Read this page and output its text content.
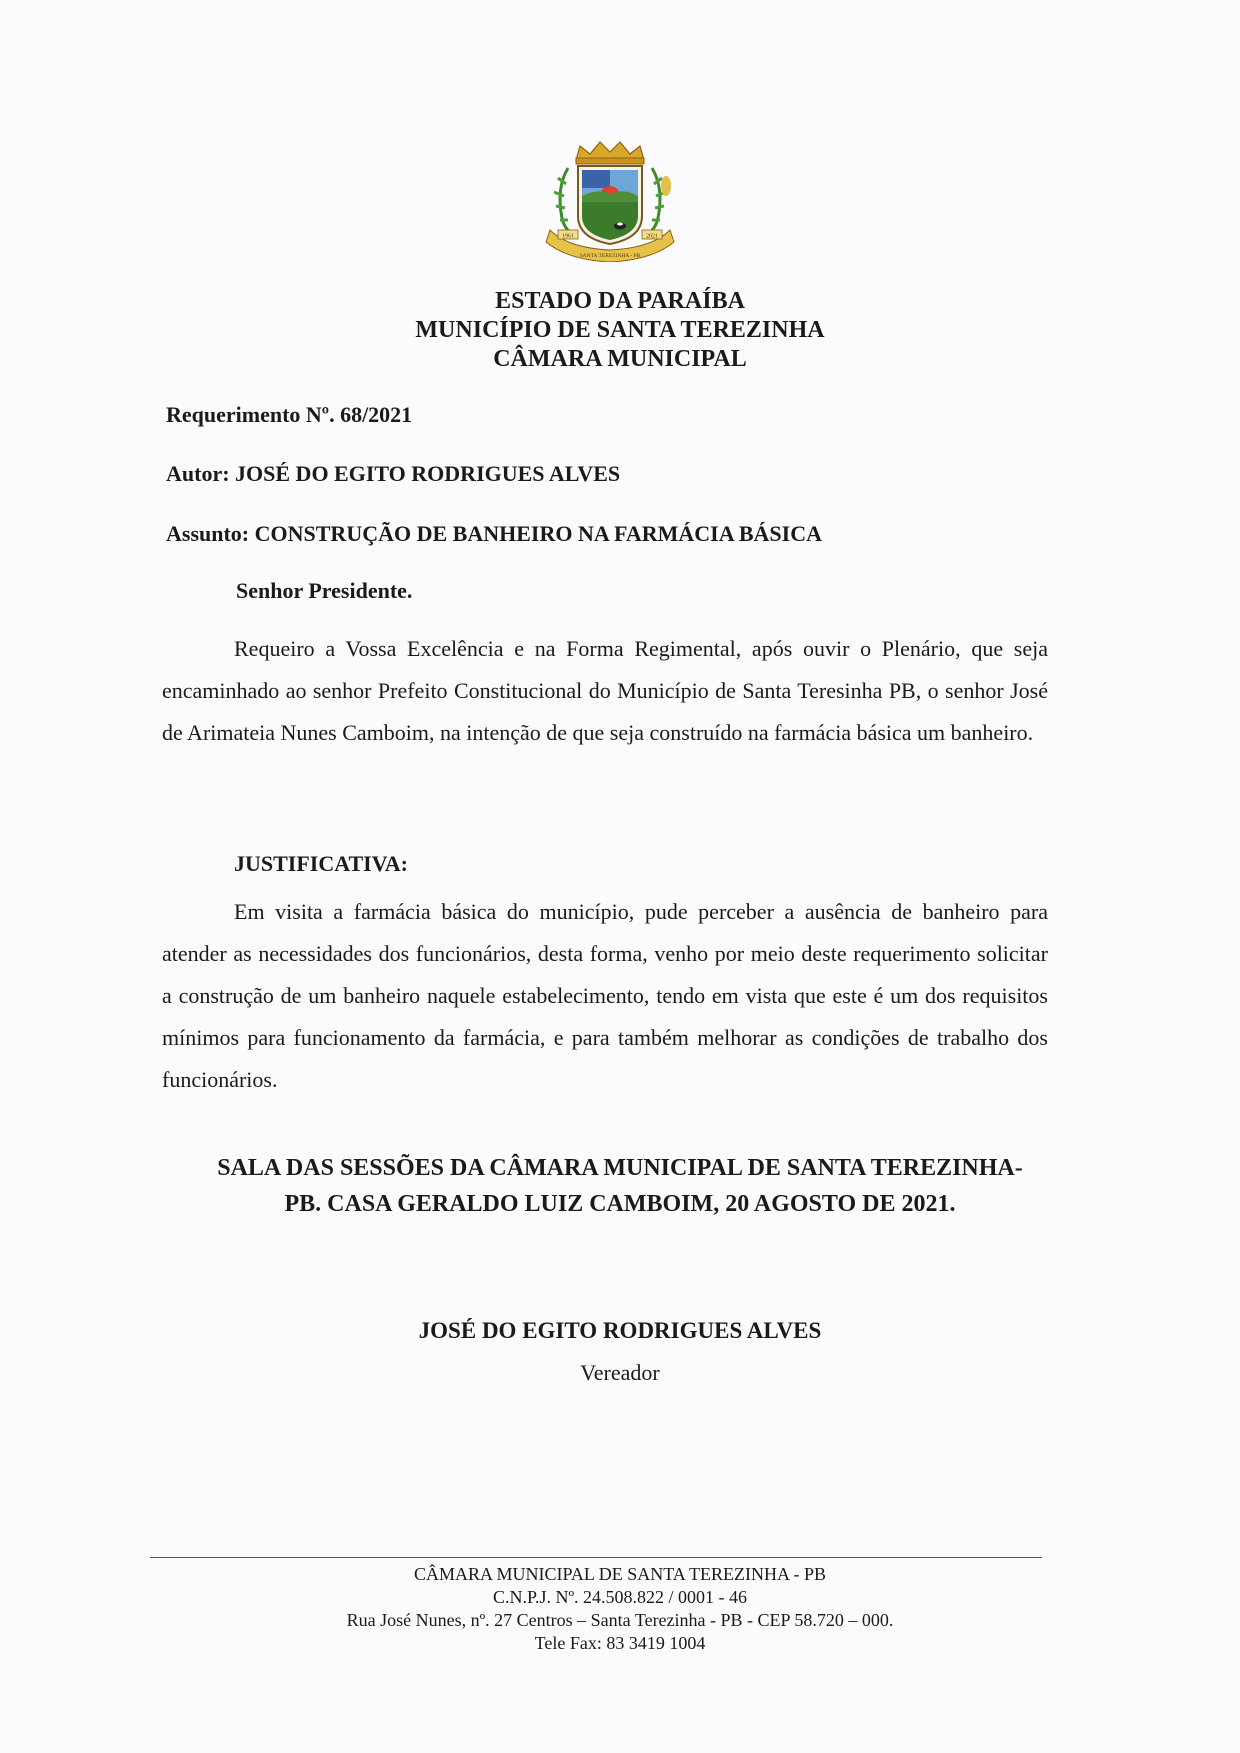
1961	2021
SANTA TEREZINHA - PB
ESTADO DA PARAÍBA
MUNICÍPIO DE SANTA TEREZINHA
CÂMARA MUNICIPAL
Requerimento Nº. 68/2021
Autor: JOSÉ DO EGITO RODRIGUES ALVES
Assunto: CONSTRUÇÃO DE BANHEIRO NA FARMÁCIA BÁSICA
Senhor Presidente.
Requeiro a Vossa Excelência e na Forma Regimental, após ouvir o Plenário, que seja encaminhado ao senhor Prefeito Constitucional do Município de Santa Teresinha PB, o senhor José de Arimateia Nunes Camboim, na intenção de que seja construído na farmácia básica um banheiro.
JUSTIFICATIVA:
Em visita a farmácia básica do município, pude perceber a ausência de banheiro para atender as necessidades dos funcionários, desta forma, venho por meio deste requerimento solicitar a construção de um banheiro naquele estabelecimento, tendo em vista que este é um dos requisitos mínimos para funcionamento da farmácia, e para também melhorar as condições de trabalho dos funcionários.
SALA DAS SESSÕES DA CÂMARA MUNICIPAL DE SANTA TEREZINHA-
PB. CASA GERALDO LUIZ CAMBOIM, 20 AGOSTO DE 2021.
JOSÉ DO EGITO RODRIGUES ALVES
Vereador
CÂMARA MUNICIPAL DE SANTA TEREZINHA - PB
C.N.P.J. Nº. 24.508.822 / 0001 - 46
Rua José Nunes, nº. 27 Centros – Santa Terezinha - PB - CEP 58.720 – 000.
Tele Fax: 83 3419 1004
